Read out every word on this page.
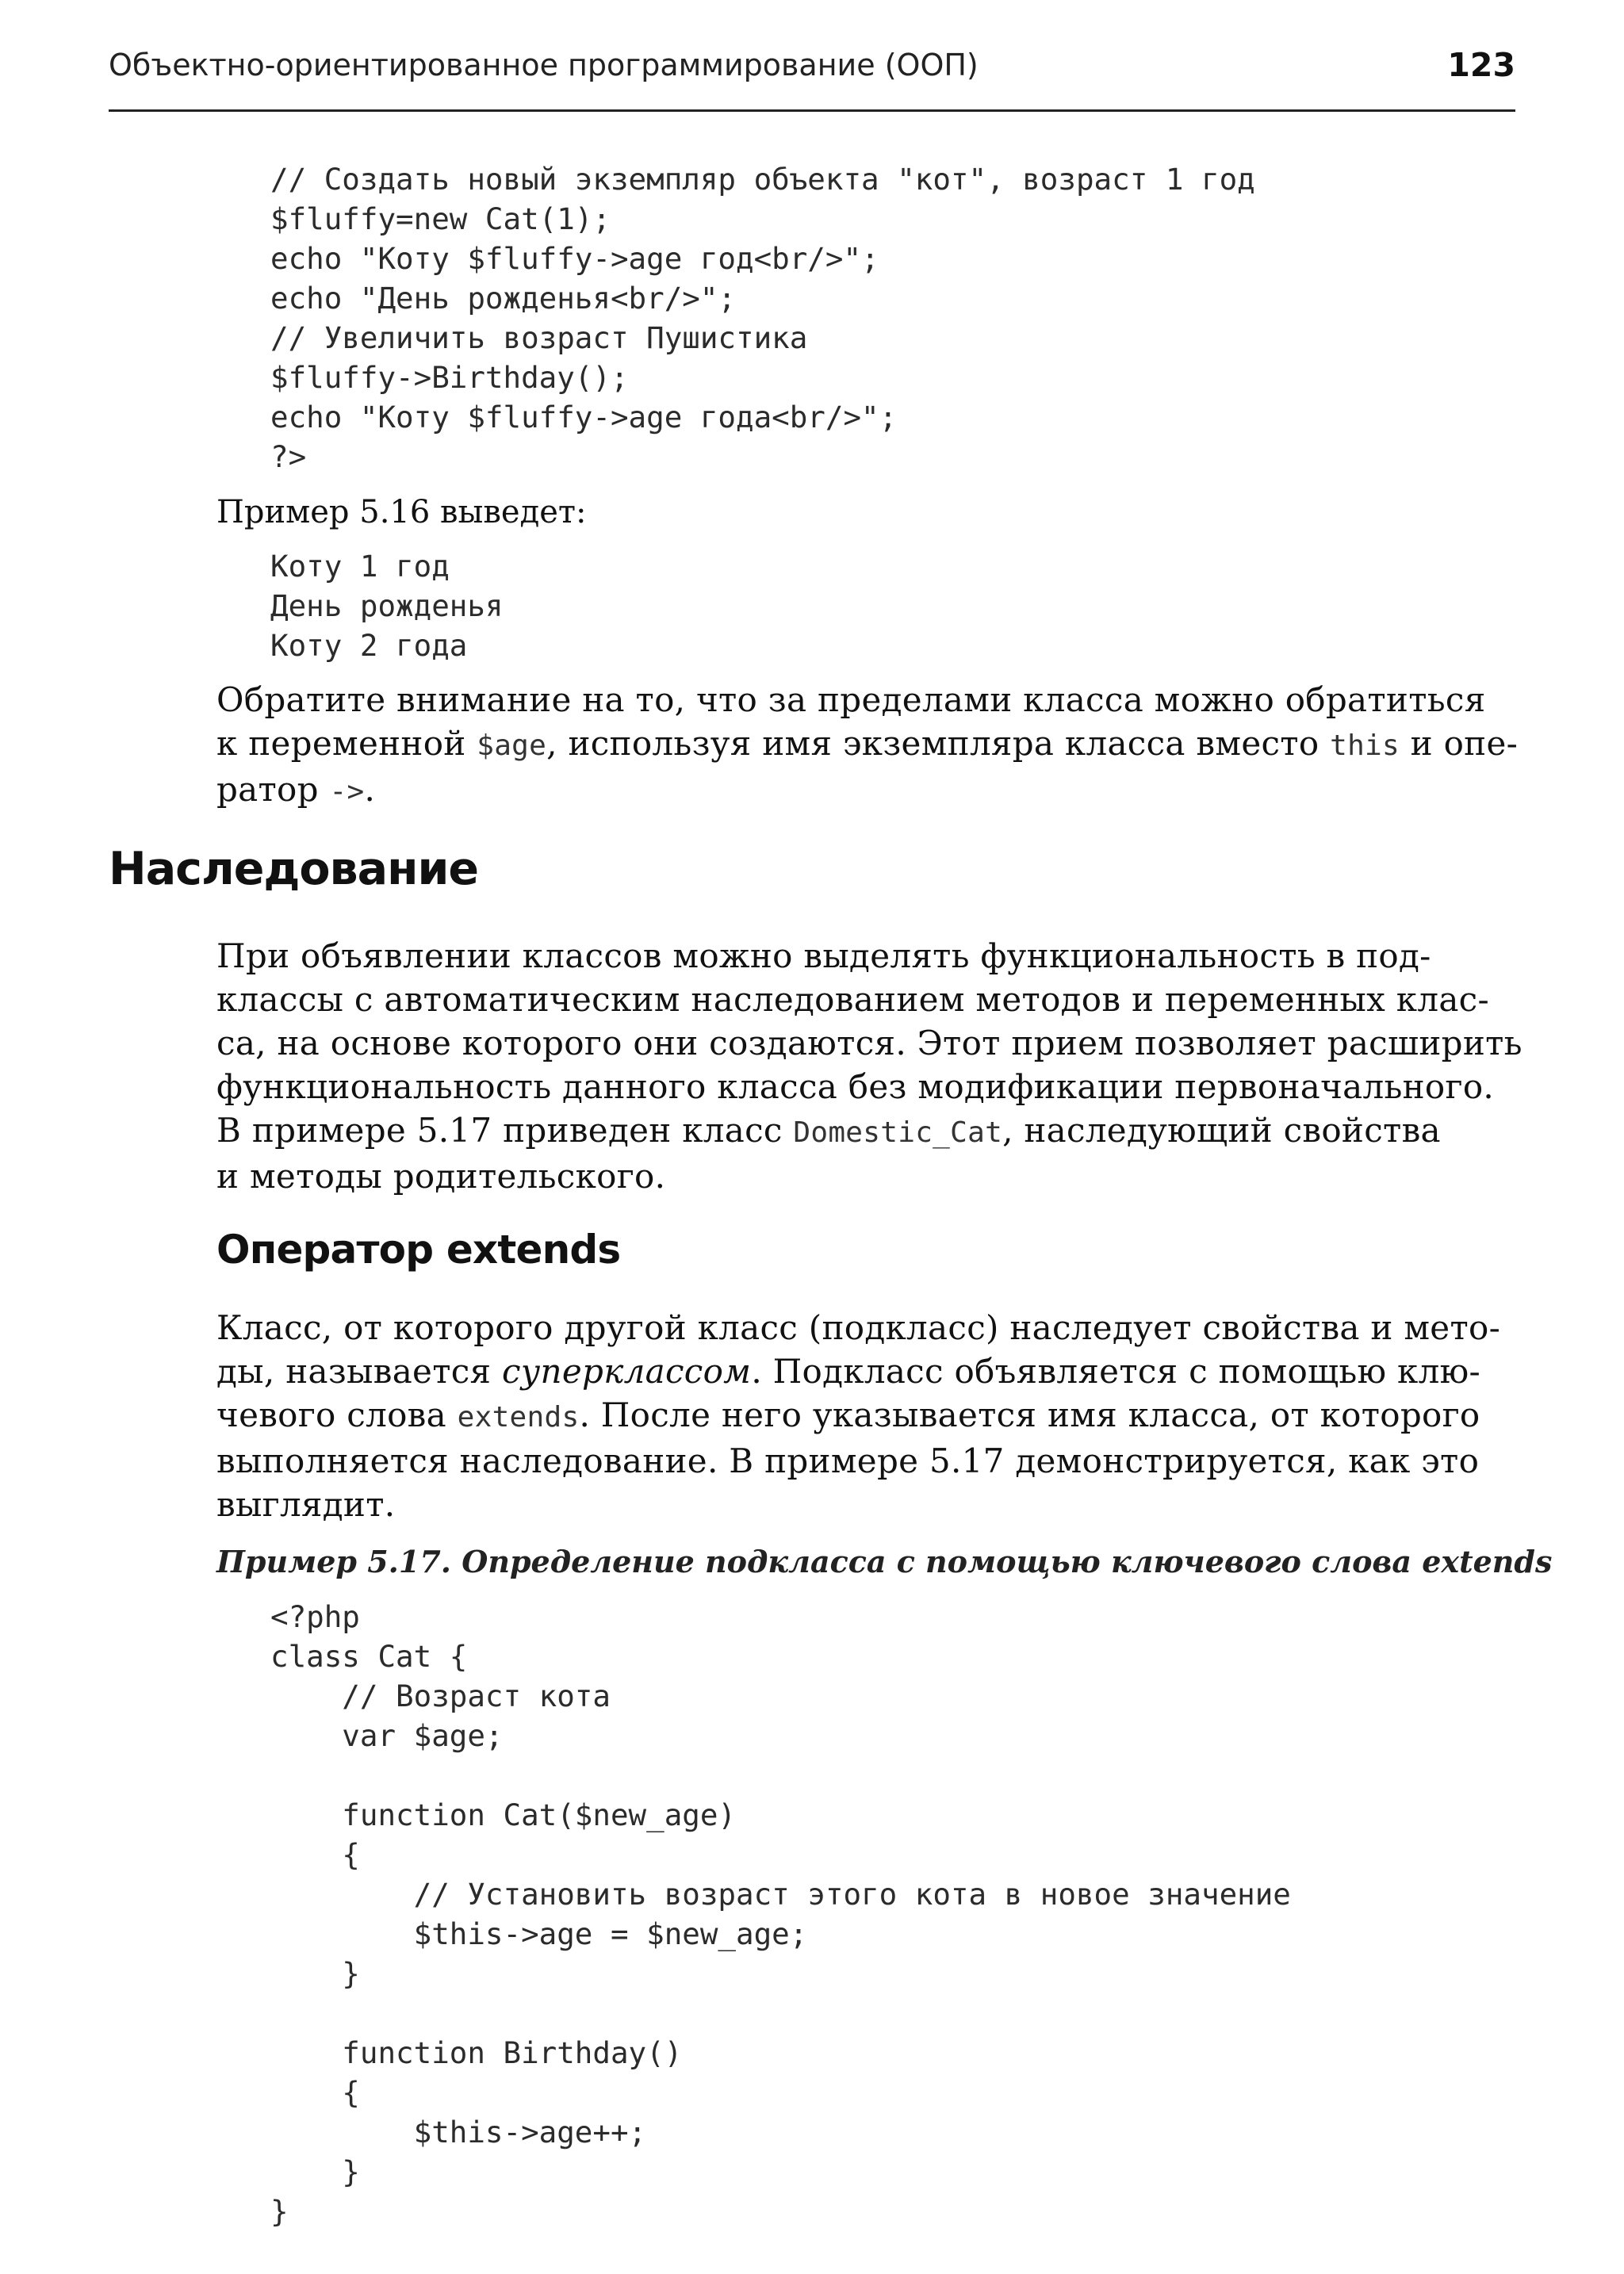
Объектно-ориентированное программирование (ООП)	123
// Создать новый экземпляр объекта "кот", возраст 1 год
$fluffy=new Cat(1);
echo "Коту $fluffy->age год<br/>";
echo "День рожденья<br/>";
// Увеличить возраст Пушистика
$fluffy->Birthday();
echo "Коту $fluffy->age года<br/>";
?>

Пример 5.16 выведет:

Коту 1 год
День рожденья
Коту 2 года
Обратите внимание на то, что за пределами класса можно обратиться
к переменной $age, используя имя экземпляра класса вместо this и опе-
ратор ->.
Наследование
При объявлении классов можно выделять функциональность в под-
классы с автоматическим наследованием методов и переменных клас-
са, на основе которого они создаются. Этот прием позволяет расширить
функциональность данного класса без модификации первоначального.
В примере 5.17 приведен класс Domestic_Cat, наследующий свойства
и методы родительского.
Оператор extends
Класс, от которого другой класс (подкласс) наследует свойства и мето-
ды, называется суперклассом. Подкласс объявляется с помощью клю-
чевого слова extends. После него указывается имя класса, от которого
выполняется наследование. В примере 5.17 демонстрируется, как это
выглядит.

Пример 5.17. Определение подкласса с помощью ключевого слова extends

<?php
class Cat {
// Возраст кота
var $age;
function Cat($new_age)
{
// Установить возраст этого кота в новое значение
$this->age = $new_age;
}
function Birthday()
{
$this->age++;
}
}
